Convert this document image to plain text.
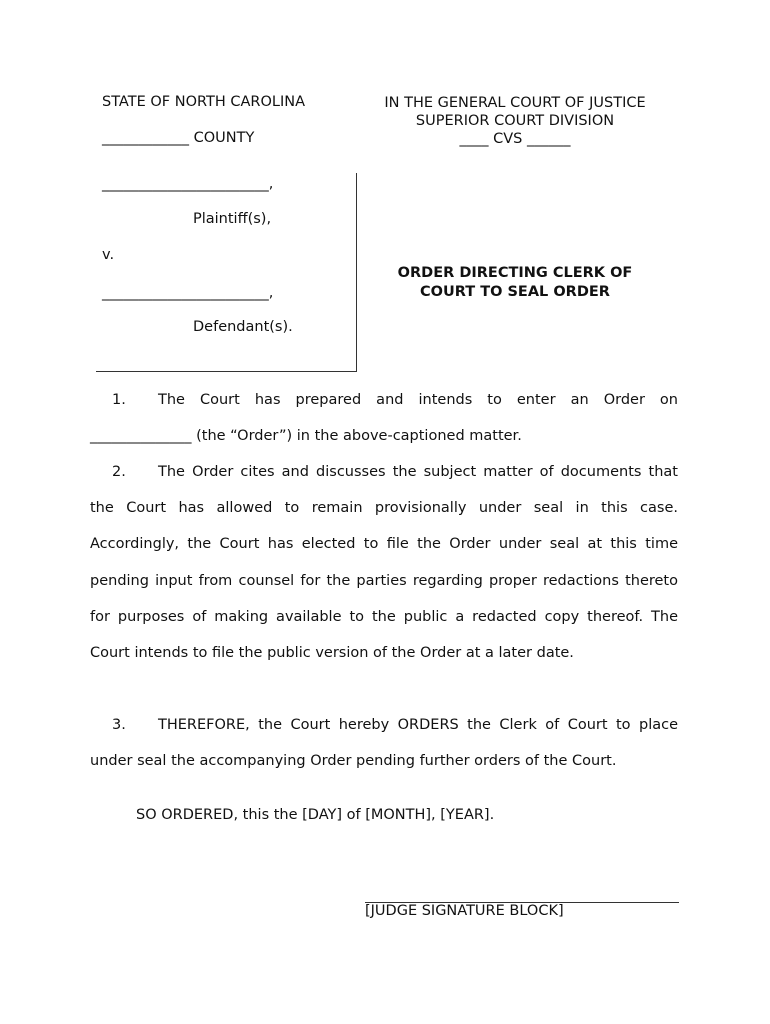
STATE OF NORTH CAROLINA
____________ COUNTY
IN THE GENERAL COURT OF JUSTICE
SUPERIOR COURT DIVISION
____ CVS ______
_______________________,
Plaintiff(s),
v.
_______________________,
Defendant(s).
ORDER DIRECTING CLERK OF
COURT TO SEAL ORDER
1. The Court has prepared and intends to enter an Order on ______________ (the “Order”) in the above-captioned matter.
2. The Order cites and discusses the subject matter of documents that the Court has allowed to remain provisionally under seal in this case. Accordingly, the Court has elected to file the Order under seal at this time pending input from counsel for the parties regarding proper redactions thereto for purposes of making available to the public a redacted copy thereof. The Court intends to file the public version of the Order at a later date.
3. THEREFORE, the Court hereby ORDERS the Clerk of Court to place under seal the accompanying Order pending further orders of the Court.
SO ORDERED, this the [DAY] of [MONTH], [YEAR].
[JUDGE SIGNATURE BLOCK]
